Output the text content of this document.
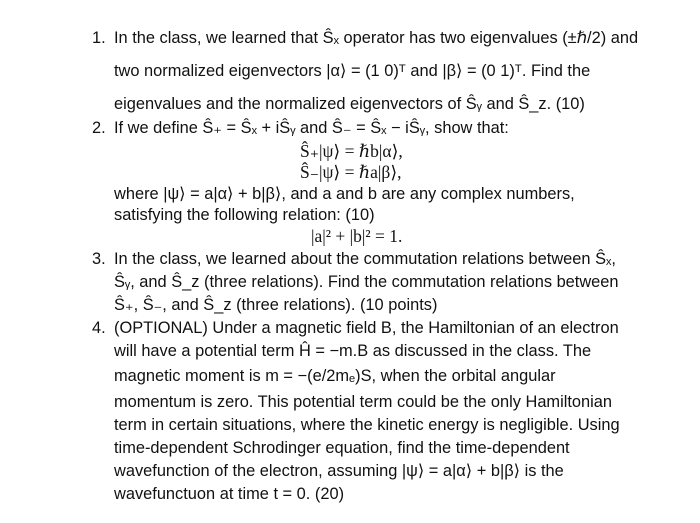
1. In the class, we learned that Ŝₓ operator has two eigenvalues (±ℏ/2) and
two normalized eigenvectors |α⟩ = (1 0)ᵀ and |β⟩ = (0 1)ᵀ. Find the
eigenvalues and the normalized eigenvectors of Ŝᵧ and Ŝ_z. (10)
2. If we define Ŝ₊ = Ŝₓ + iŜᵧ and Ŝ₋ = Ŝₓ − iŜᵧ, show that:
Ŝ₊|ψ⟩ = ℏb|α⟩,
Ŝ₋|ψ⟩ = ℏa|β⟩,
where |ψ⟩ = a|α⟩ + b|β⟩, and a and b are any complex numbers,
satisfying the following relation: (10)
|a|² + |b|² = 1.
3. In the class, we learned about the commutation relations between Ŝₓ,
Ŝᵧ, and Ŝ_z (three relations). Find the commutation relations between
Ŝ₊, Ŝ₋, and Ŝ_z (three relations). (10 points)
4. (OPTIONAL) Under a magnetic field B, the Hamiltonian of an electron
will have a potential term Ĥ = −m.B as discussed in the class. The
magnetic moment is m = −(e/2mₑ)S, when the orbital angular
momentum is zero. This potential term could be the only Hamiltonian
term in certain situations, where the kinetic energy is negligible. Using
time-dependent Schrodinger equation, find the time-dependent
wavefunction of the electron, assuming |ψ⟩ = a|α⟩ + b|β⟩ is the
wavefunctuon at time t = 0. (20)
